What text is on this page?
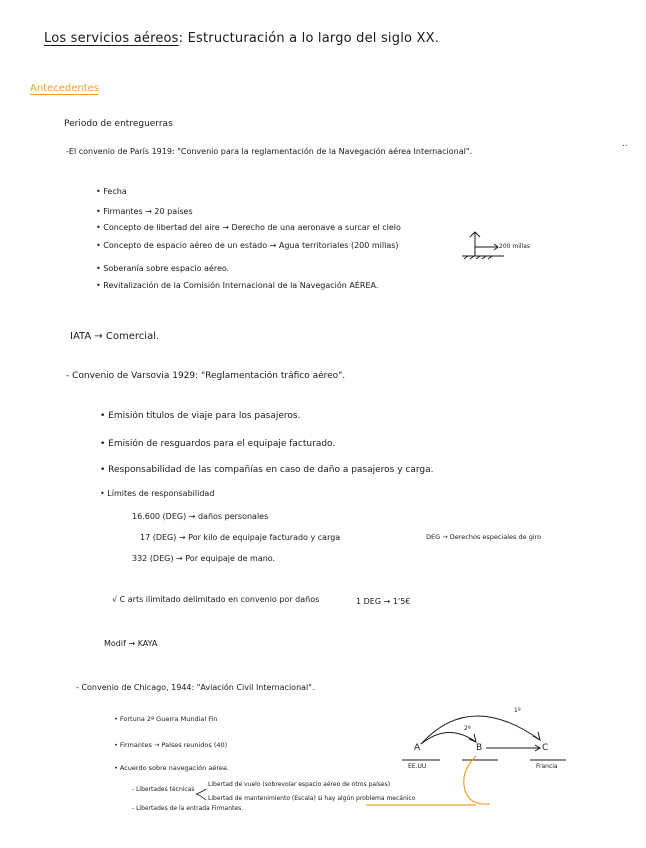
Los servicios aéreos: Estructuración a lo largo del siglo XX.
Antecedentes
..
Periodo de entreguerras
-El convenio de París 1919: "Convenio para la reglamentación de la Navegación aérea Internacional".
• Fecha
• Firmantes → 20 países
• Concepto de libertad del aire → Derecho de una aeronave a surcar el cielo
• Concepto de espacio aéreo de un estado → Agua territoriales (200 millas)
• Soberanía sobre espacio aéreo.
• Revitalización de la Comisión Internacional de la Navegación AÉREA.
200 millas
IATA → Comercial.
- Convenio de Varsovia 1929: "Reglamentación tráfico aéreo".
• Emisión títulos de viaje para los pasajeros.
• Emisión de resguardos para el equipaje facturado.
• Responsabilidad de las compañías en caso de daño a pasajeros y carga.
• Límites de responsabilidad
16.600 (DEG) → daños personales
17 (DEG) → Por kilo de equipaje facturado y carga
332 (DEG) → Por equipaje de mano.
DEG → Derechos especiales de giro
√ C arts ilimitado delimitado en convenio por daños	1 DEG → 1'5€
Modif → KAYA
- Convenio de Chicago, 1944: "Aviación Civil Internacional".
• Fortuna 2ª Guerra Mundial Fin
• Firmantes → Países reunidos (40)
• Acuerdo sobre navegación aérea.
- Libertades técnicas
- Libertades de la entrada Firmantes.
Libertad de vuelo (sobrevolar espacio aéreo de otros países)
Libertad de mantenimiento (Escala) si hay algún problema mecánico
A	B	C
EE.UU	Francia
1º
2º
